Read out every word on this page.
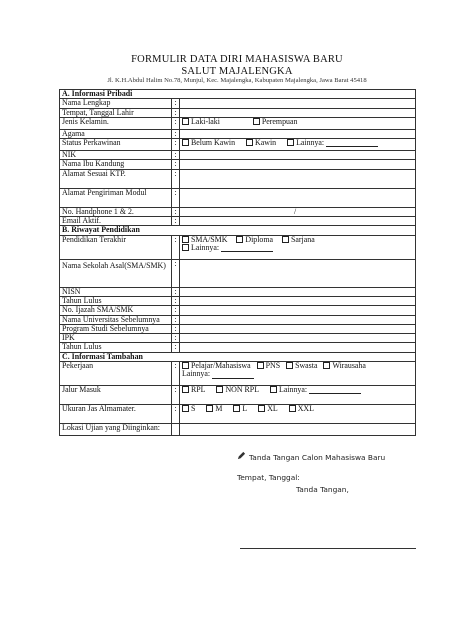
FORMULIR DATA DIRI MAHASISWA BARU
SALUT MAJALENGKA
Jl. K.H.Abdul Halim No.78, Munjul, Kec. Majalengka, Kabupaten Majalengka, Jawa Barat 45418
A. Informasi Pribadi		
Nama Lengkap	:	
Tempat, Tanggal Lahir	:	
Jenis Kelamin.	:	Laki-laki Perempuan
Agama	:	
Status Perkawinan	:	Belum Kawin Kawin Lainnya:
NIK	:	
Nama Ibu Kandung	:	
Alamat Sesuai KTP.	:	
Alamat Pengiriman Modul	:	
No. Handphone 1 & 2.	:	/
Email Aktif.	:	
B. Riwayat Pendidikan		
Pendidikan Terakhir	:	SMA/SMK Diploma Sarjana
Lainnya:
Nama Sekolah Asal(SMA/SMK)	:	
NISN	:	
Tahun Lulus	:	
No. Ijazah SMA/SMK	:	
Nama Universitas Sebelumnya	:	
Program Studi Sebelumnya	:	
IPK	:	
Tahun Lulus	:	
C. Informasi Tambahan		
Pekerjaan	:	Pelajar/Mahasiswa PNS Swasta Wirausaha
Lainnya:
Jalur Masuk	:	RPL NON RPL Lainnya:
Ukuran Jas Almamater.	:	S M L XL XXL
Lokasi Ujian yang Diinginkan:		
Tanda Tangan Calon Mahasiswa Baru
Tempat, Tanggal:
Tanda Tangan,
